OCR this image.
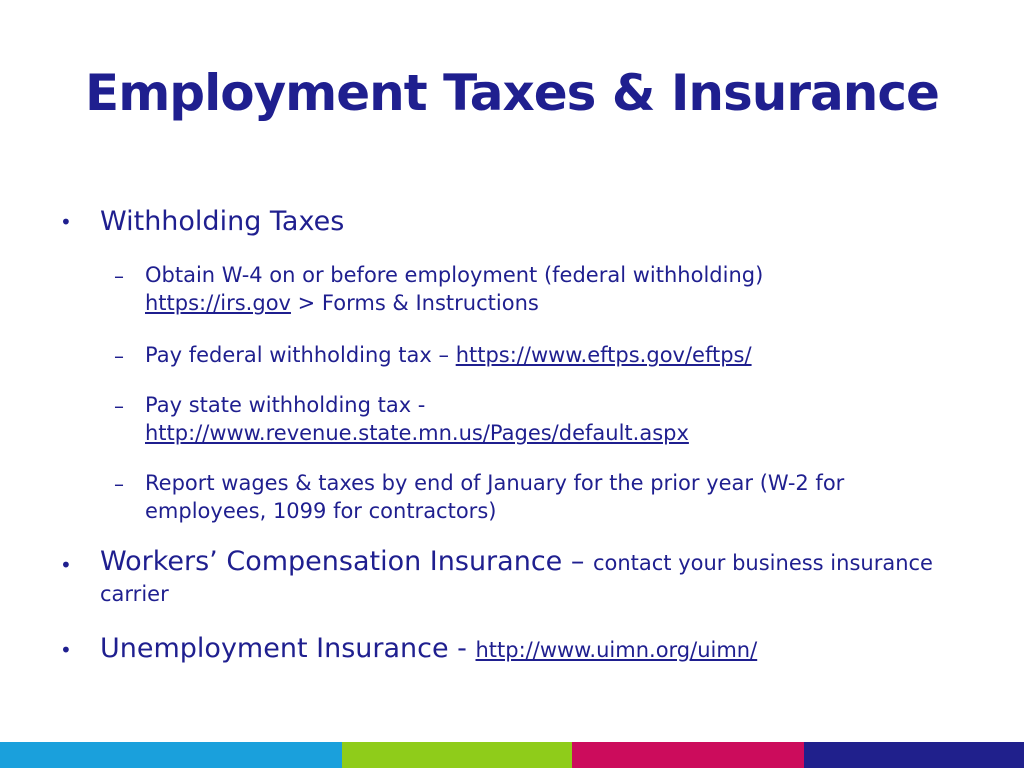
Employment Taxes & Insurance
• Withholding Taxes
– Obtain W-4 on or before employment (federal withholding)
https://irs.gov > Forms & Instructions
– Pay federal withholding tax – https://www.eftps.gov/eftps/
– Pay state withholding tax -
http://www.revenue.state.mn.us/Pages/default.aspx
– Report wages & taxes by end of January for the prior year (W-2 for employees, 1099 for contractors)
• Workers’ Compensation Insurance – contact your business insurance carrier
• Unemployment Insurance - http://www.uimn.org/uimn/
